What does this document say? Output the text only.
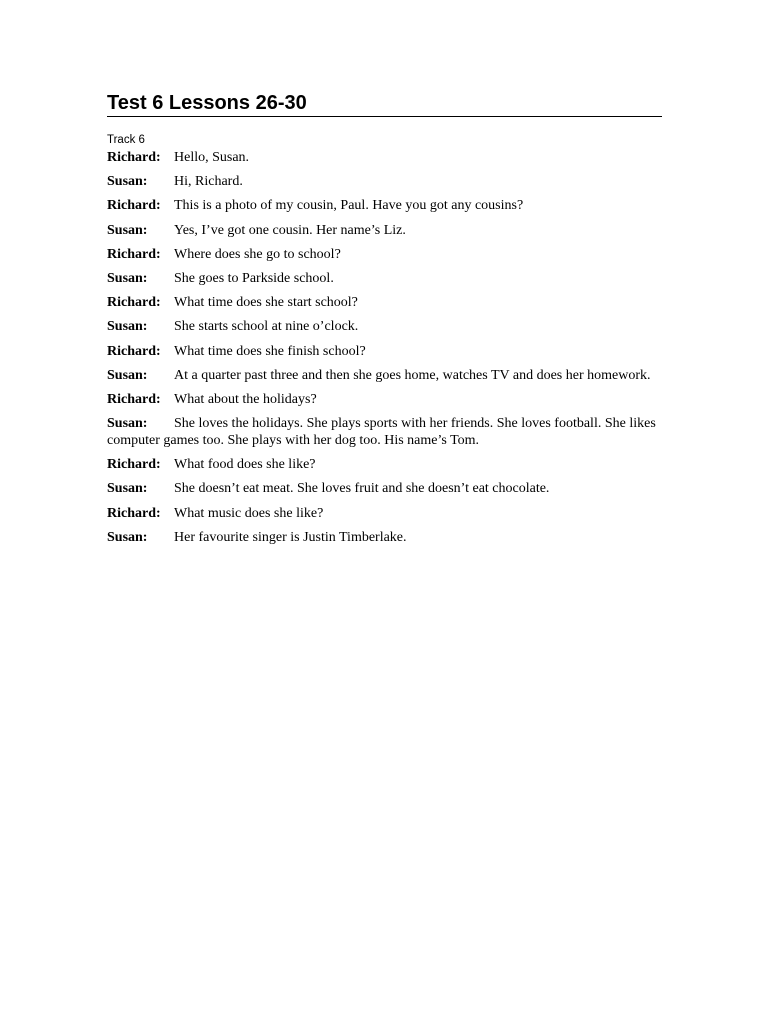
Test 6 Lessons 26-30
Track 6
Richard: Hello, Susan.
Susan: Hi, Richard.
Richard: This is a photo of my cousin, Paul. Have you got any cousins?
Susan: Yes, I’ve got one cousin. Her name’s Liz.
Richard: Where does she go to school?
Susan: She goes to Parkside school.
Richard: What time does she start school?
Susan: She starts school at nine o’clock.
Richard: What time does she finish school?
Susan: At a quarter past three and then she goes home, watches TV and does her homework.
Richard: What about the holidays?
Susan: She loves the holidays. She plays sports with her friends. She loves football. She likes computer games too. She plays with her dog too. His name’s Tom.
Richard: What food does she like?
Susan: She doesn’t eat meat. She loves fruit and she doesn’t eat chocolate.
Richard: What music does she like?
Susan: Her favourite singer is Justin Timberlake.
